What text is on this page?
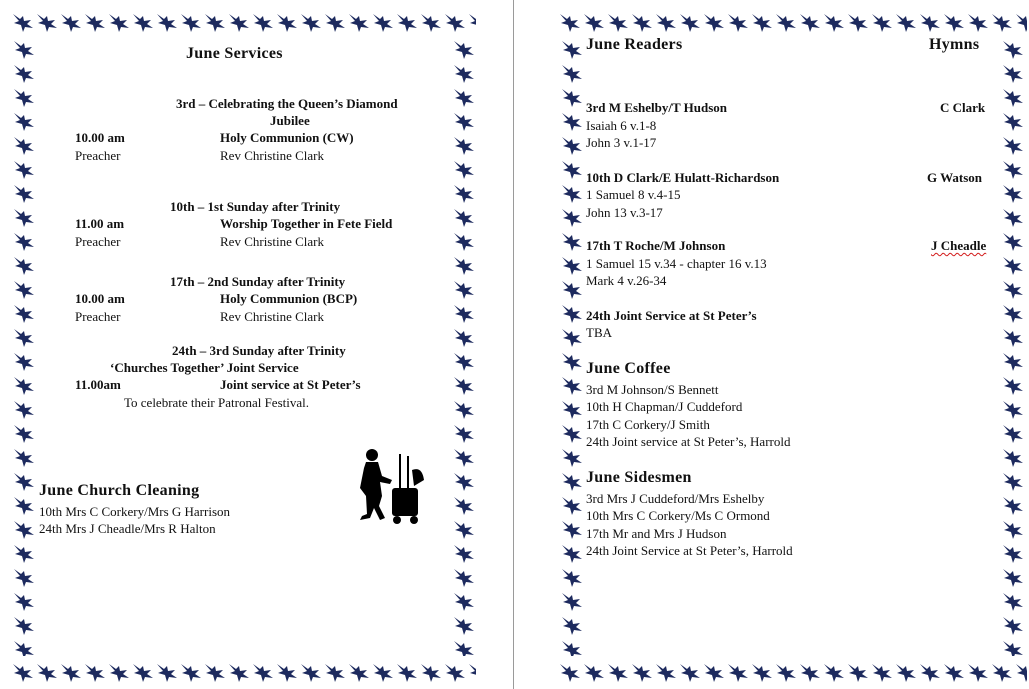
June Services
3rd – Celebrating the Queen’s Diamond
Jubilee
10.00 am	Holy Communion (CW)
Preacher	Rev Christine Clark
10th – 1st Sunday after Trinity
11.00 am	Worship Together in Fete Field
Preacher	Rev Christine Clark
17th – 2nd Sunday after Trinity
10.00 am	Holy Communion (BCP)
Preacher	Rev Christine Clark
24th – 3rd Sunday after Trinity
‘Churches Together’ Joint Service
11.00am	Joint service at St Peter’s
To celebrate their Patronal Festival.
June Church Cleaning
10th Mrs C Corkery/Mrs G Harrison
24th Mrs J Cheadle/Mrs R Halton
June Readers	Hymns
3rd M Eshelby/T Hudson	C Clark
Isaiah 6 v.1-8
John 3 v.1-17
10th D Clark/E Hulatt-Richardson	G Watson
1 Samuel 8 v.4-15
John 13 v.3-17
17th T Roche/M Johnson	J Cheadle
1 Samuel 15 v.34 - chapter 16 v.13
Mark 4 v.26-34
24th Joint Service at St Peter’s
TBA
June Coffee
3rd M Johnson/S Bennett
10th H Chapman/J Cuddeford
17th C Corkery/J Smith
24th Joint service at St Peter’s, Harrold
June Sidesmen
3rd Mrs J Cuddeford/Mrs Eshelby
10th Mrs C Corkery/Ms C Ormond
17th Mr and Mrs J Hudson
24th Joint Service at St Peter’s, Harrold
